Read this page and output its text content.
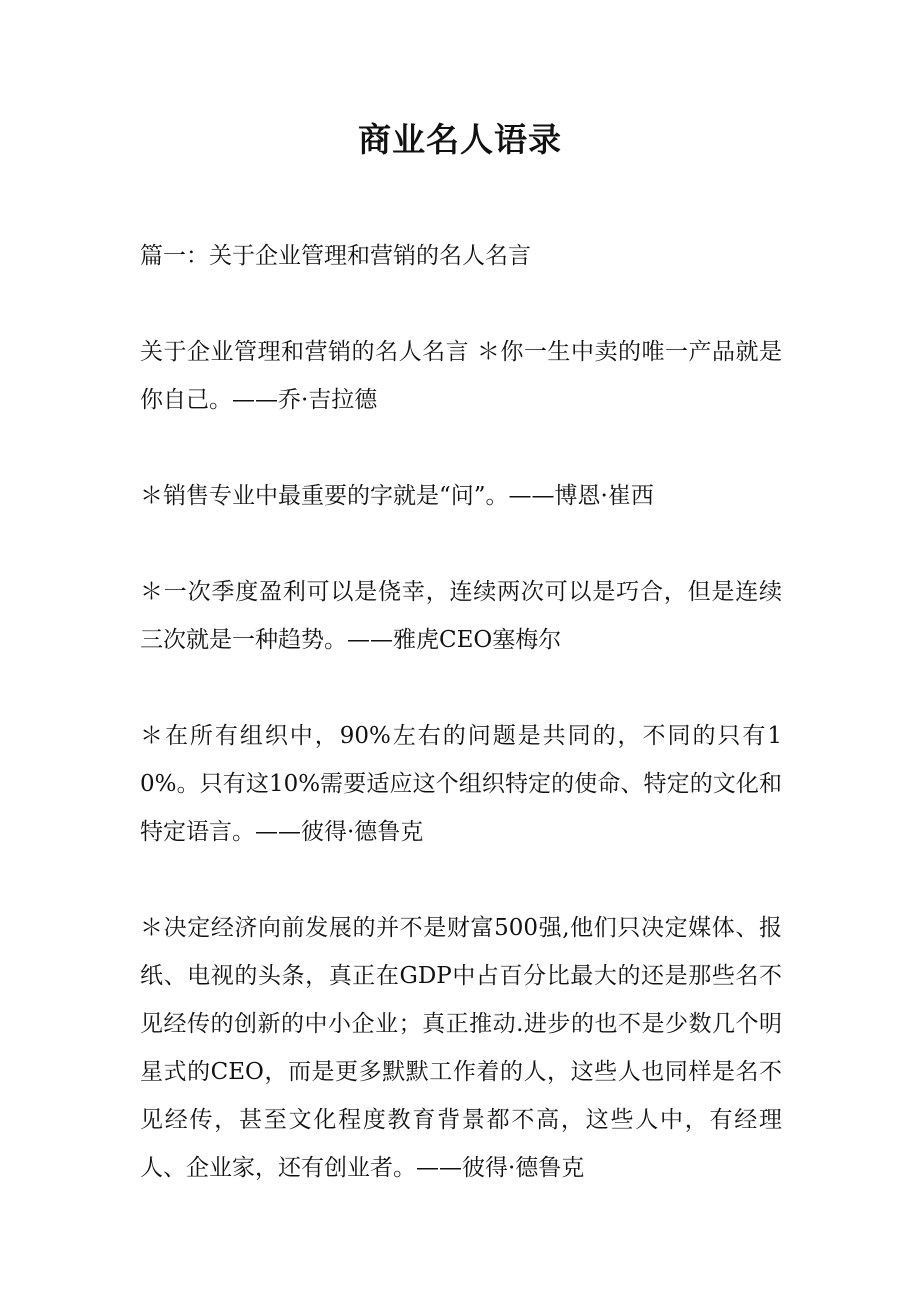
商业名人语录

篇一：关于企业管理和营销的名人名言

关于企业管理和营销的名人名言 ＊你一生中卖的唯一产品就是你自己。——乔·吉拉德

＊销售专业中最重要的字就是“问”。——博恩·崔西

＊一次季度盈利可以是侥幸，连续两次可以是巧合，但是连续三次就是一种趋势。——雅虎CEO塞梅尔

＊在所有组织中，90%左右的问题是共同的，不同的只有10%。只有这10%需要适应这个组织特定的使命、特定的文化和特定语言。——彼得·德鲁克

＊决定经济向前发展的并不是财富500强,他们只决定媒体、报纸、电视的头条，真正在GDP中占百分比最大的还是那些名不见经传的创新的中小企业；真正推动.进步的也不是少数几个明星式的CEO，而是更多默默工作着的人，这些人也同样是名不见经传，甚至文化程度教育背景都不高，这些人中，有经理人、企业家，还有创业者。——彼得·德鲁克
